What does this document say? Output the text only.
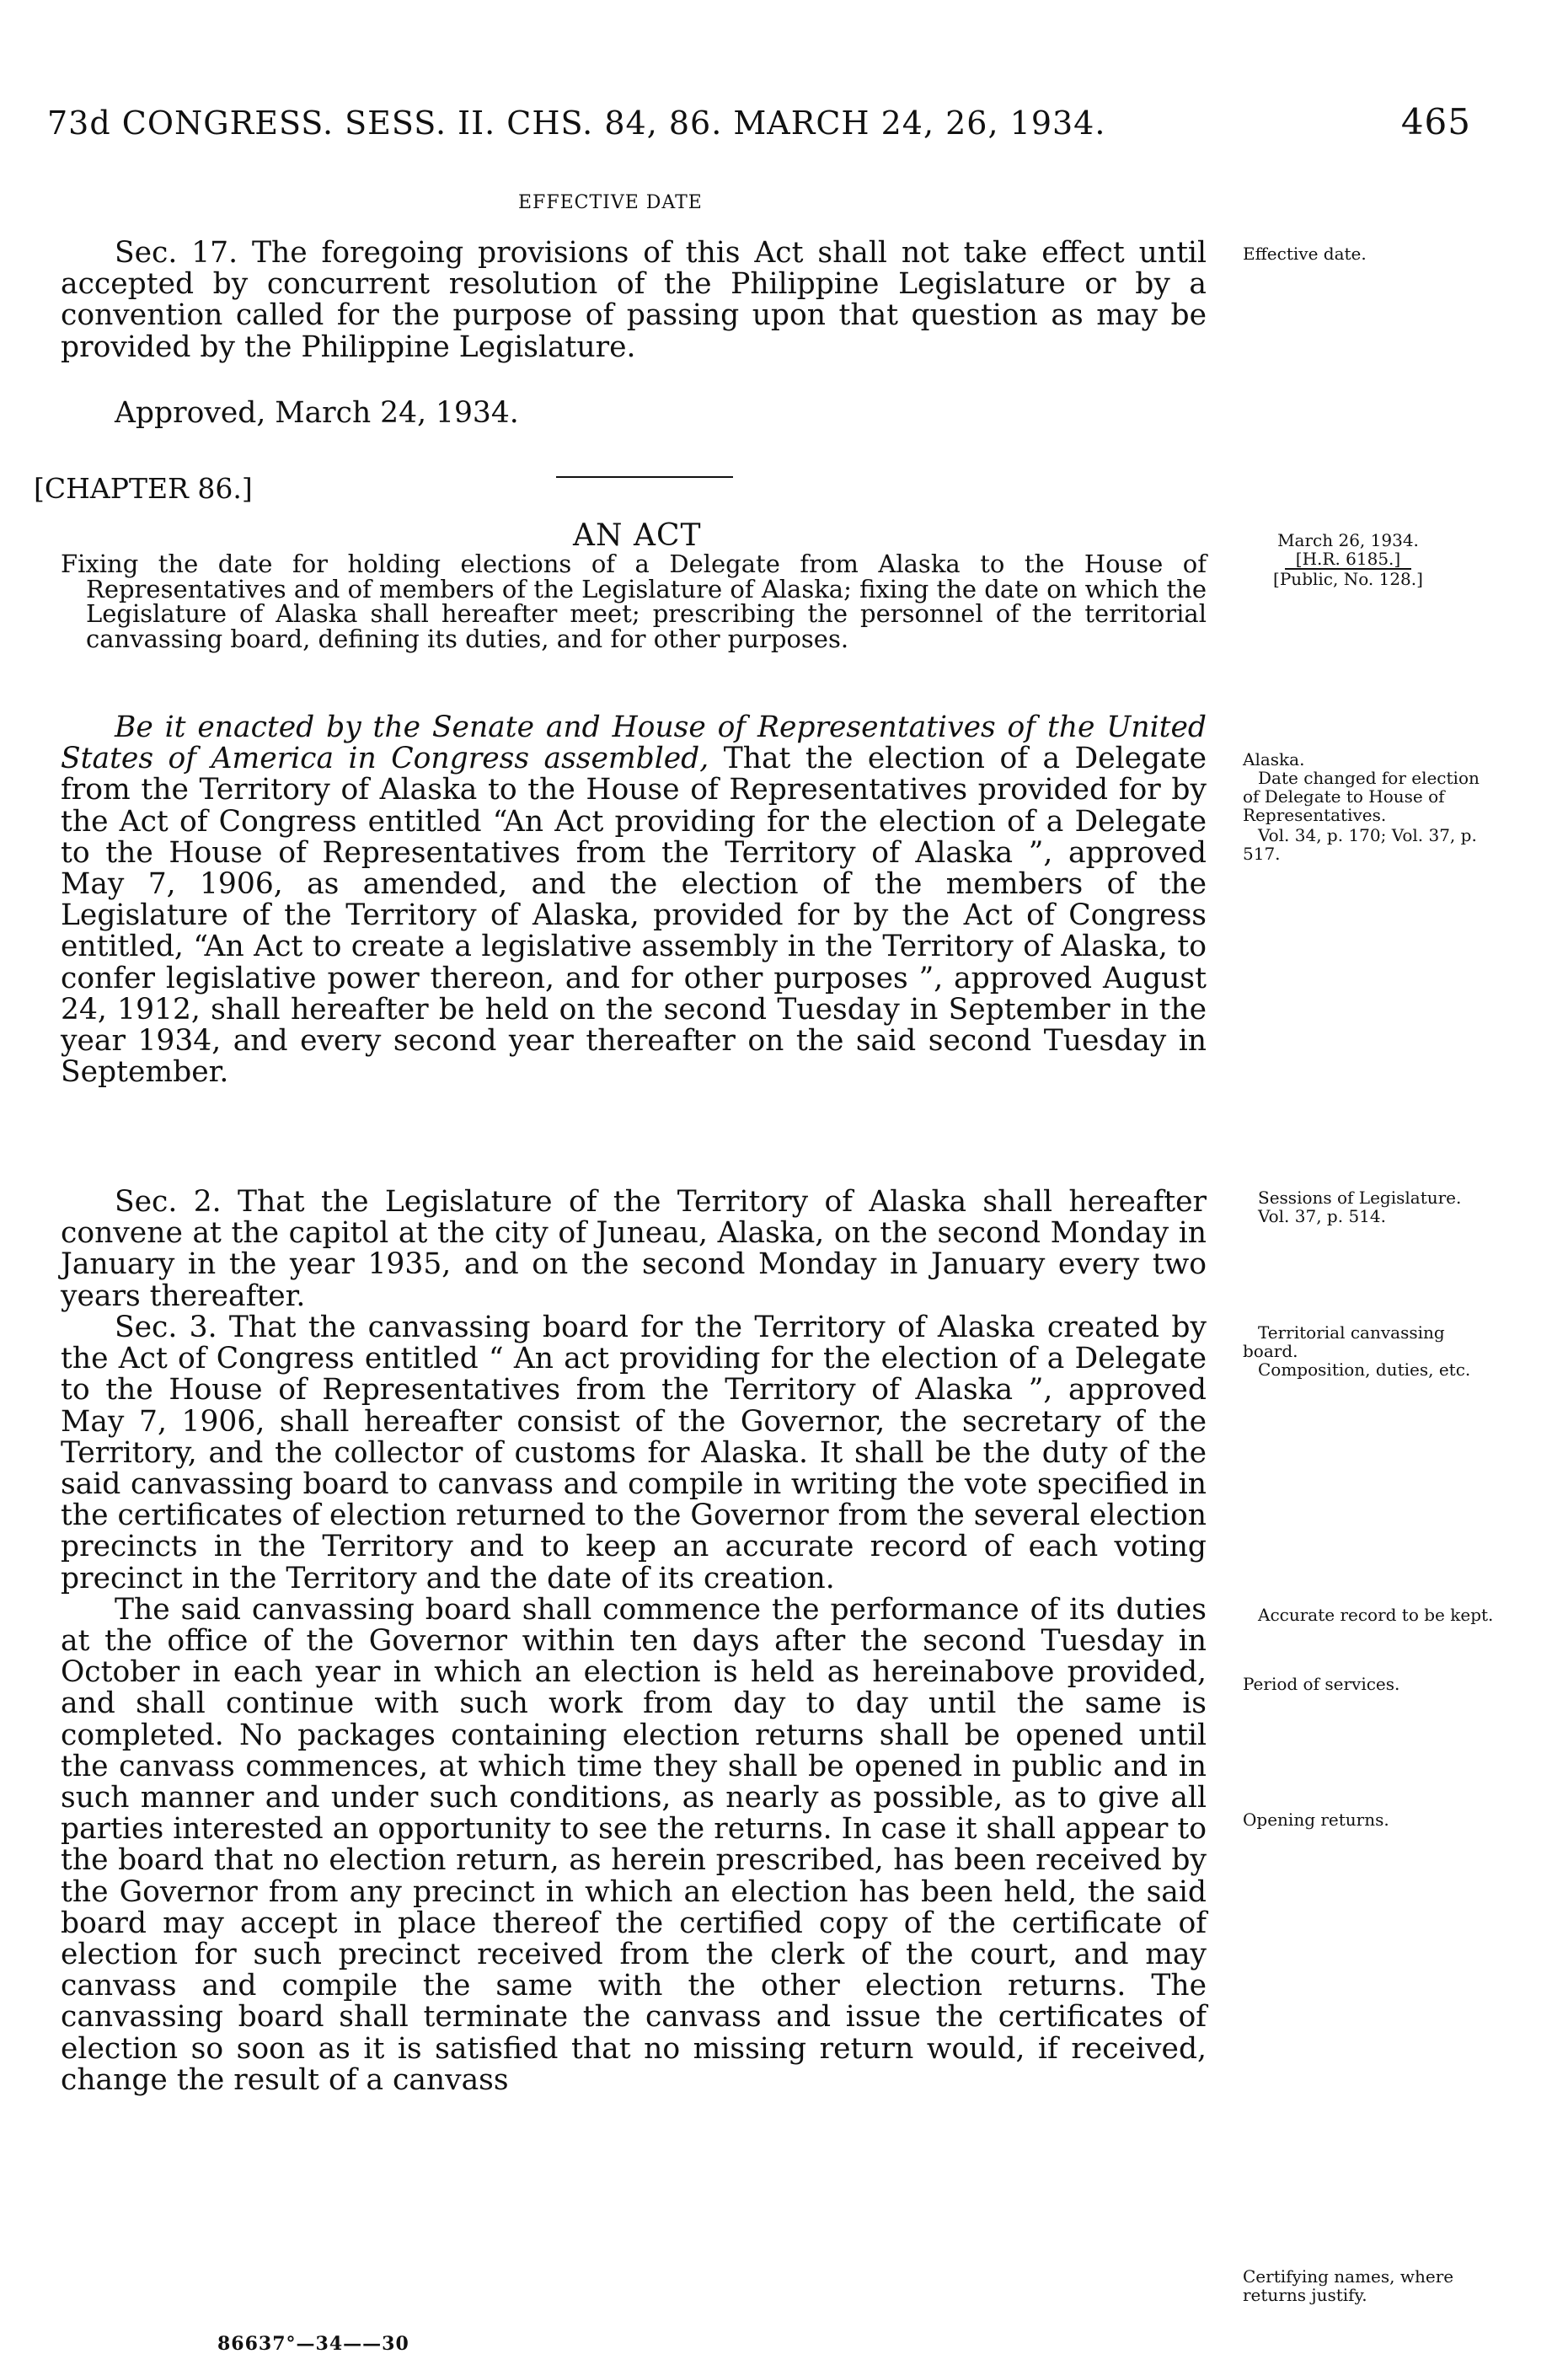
73d CONGRESS. SESS. II. CHS. 84, 86. MARCH 24, 26, 1934.	465
EFFECTIVE DATE

Sec. 17. The foregoing provisions of this Act shall not take effect until accepted by concurrent resolution of the Philippine Legislature or by a convention called for the purpose of passing upon that question as may be provided by the Philippine Legislature.

Approved, March 24, 1934.
Effective date.
[CHAPTER 86.]
AN ACT	March 26, 1934.
[H.R. 6185.]
[Public, No. 128.]
Fixing the date for holding elections of a Delegate from Alaska to the House of Representatives and of members of the Legislature of Alaska; fixing the date on which the Legislature of Alaska shall hereafter meet; prescribing the personnel of the territorial canvassing board, defining its duties, and for other purposes.

Be it enacted by the Senate and House of Representatives of the United States of America in Congress assembled, That the election of a Delegate from the Territory of Alaska to the House of Representatives provided for by the Act of Congress entitled “An Act providing for the election of a Delegate to the House of Representatives from the Territory of Alaska ”, approved May 7, 1906, as amended, and the election of the members of the Legislature of the Territory of Alaska, provided for by the Act of Congress entitled, “An Act to create a legislative assembly in the Territory of Alaska, to confer legislative power thereon, and for other purposes ”, approved August 24, 1912, shall hereafter be held on the second Tuesday in September in the year 1934, and every second year thereafter on the said second Tuesday in September.

Alaska.
Date changed for election of Delegate to House of Representatives.
Vol. 34, p. 170; Vol. 37, p. 517.

Sec. 2. That the Legislature of the Territory of Alaska shall hereafter convene at the capitol at the city of Juneau, Alaska, on the second Monday in January in the year 1935, and on the second Monday in January every two years thereafter.

Sessions of Legislature.
Vol. 37, p. 514.

Sec. 3. That the canvassing board for the Territory of Alaska created by the Act of Congress entitled “ An act providing for the election of a Delegate to the House of Representatives from the Territory of Alaska ”, approved May 7, 1906, shall hereafter consist of the Governor, the secretary of the Territory, and the collector of customs for Alaska. It shall be the duty of the said canvassing board to canvass and compile in writing the vote specified in the certificates of election returned to the Governor from the several election precincts in the Territory and to keep an accurate record of each voting precinct in the Territory and the date of its creation.

The said canvassing board shall commence the performance of its duties at the office of the Governor within ten days after the second Tuesday in October in each year in which an election is held as hereinabove provided, and shall continue with such work from day to day until the same is completed. No packages containing election returns shall be opened until the canvass commences, at which time they shall be opened in public and in such manner and under such conditions, as nearly as possible, as to give all parties interested an opportunity to see the returns. In case it shall appear to the board that no election return, as herein prescribed, has been received by the Governor from any precinct in which an election has been held, the said board may accept in place thereof the certified copy of the certificate of election for such precinct received from the clerk of the court, and may canvass and compile the same with the other election returns. The canvassing board shall terminate the canvass and issue the certificates of election so soon as it is satisfied that no missing return would, if received, change the result of a canvass

Territorial canvassing board.
Composition, duties, etc.
Accurate record to be kept.
Period of services.
Opening returns.
Certifying names, where returns justify.
86637°—34——30
